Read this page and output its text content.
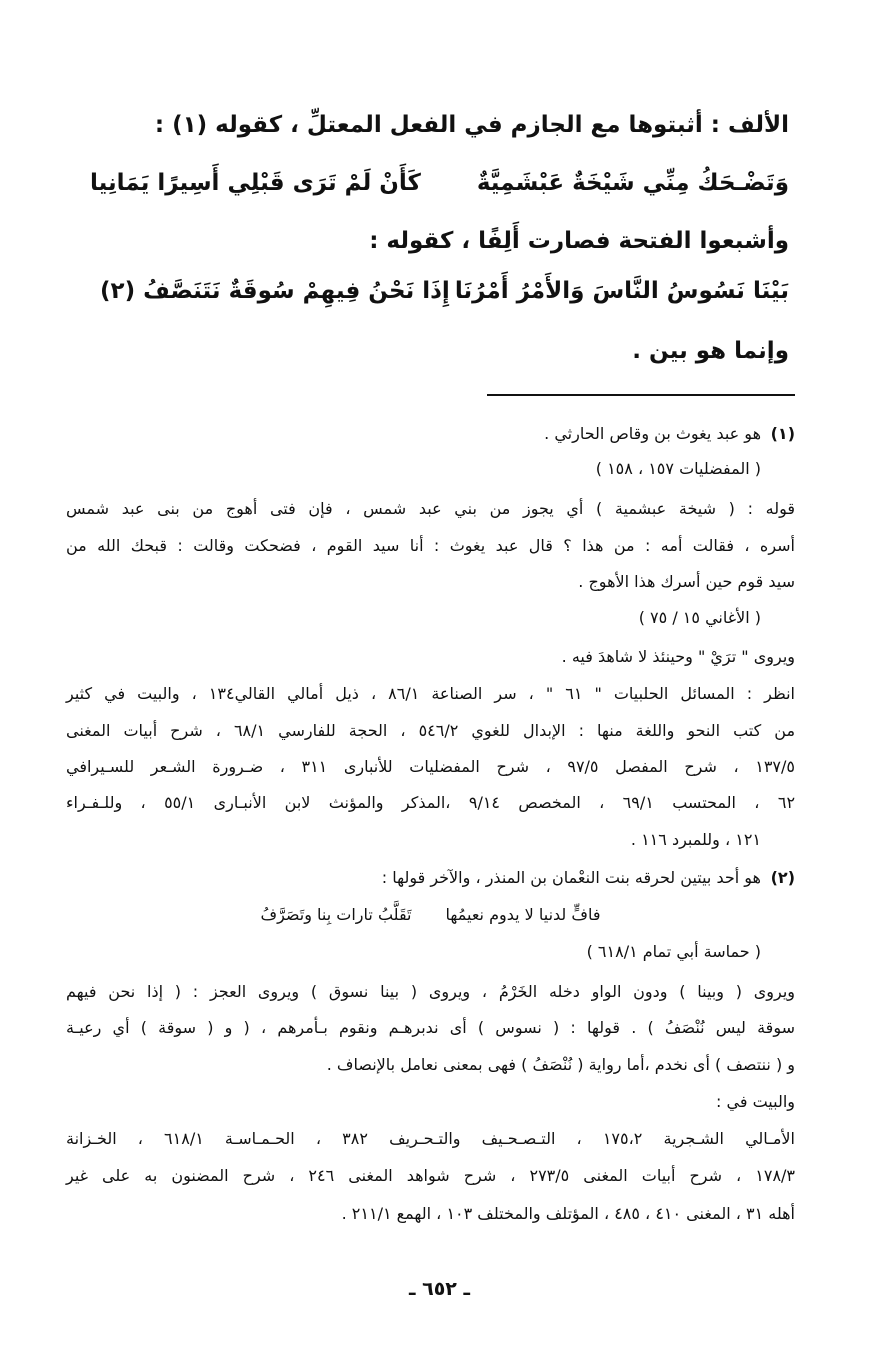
الألف : أثبتوها مع الجازم في الفعل المعتلِّ ، كقوله (١) :
وَتَضْـحَكُ مِنِّي شَيْخَةٌ عَبْشَمِيَّةٌ
كَأَنْ لَمْ تَرَى قَبْلِي أَسِيرًا يَمَانِيا
وأشبعوا الفتحة فصارت أَلِفًا ، كقوله :
بَيْنَا نَسُوسُ النَّاسَ وَالأَمْرُ أَمْرُنَا
إِذَا نَحْنُ فِيهِمْ سُوقَةٌ نَتَنَصَّفُ (٢)
وإنما هو بين .
(١)هو عبد يغوث بن وقاص الحارثي .
( المفضليات ١٥٧ ، ١٥٨ )
قوله : ( شيخة عبشمية ) أي يجوز من بني عبد شمس ، فإن فتى أهوج من بنى عبد شمس
أسره ، فقالت أمه : من هذا ؟ قال عبد يغوث : أنا سيد القوم ، فضحكت وقالت : قبحك الله من
سيد قوم حين أسرك هذا الأهوج .
( الأغاني ١٥ / ٧٥ )
ويروى " ترَيْ " وحينئذ لا شاهدَ فيه .
انظر : المسائل الحلبيات " ٦١ " ، سر الصناعة ٨٦/١ ، ذيل أمالي القالي١٣٤ ، والبيت في كثير
من كتب النحو واللغة منها : الإبدال للغوي ٥٤٦/٢ ، الحجة للفارسي ٦٨/١ ، شرح أبيات المغنى
١٣٧/٥ ، شرح المفصل ٩٧/٥ ، شرح المفضليات للأنبارى ٣١١ ، ضـرورة الشـعر للسـيرافي
٦٢ ، المحتسب ٦٩/١ ، المخصص ٩/١٤ ،المذكر والمؤنث لابن الأنبـارى ٥٥/١ ، وللـفـراء
١٢١ ، وللمبرد ١١٦ .
(٢)هو أحد بيتين لحرقه بنت النعْمان بن المنذر ، والآخر قولها :
فافٍّ لدنيا لا يدوم نعيمُهاتَقَلَّبُ تارات بِنا وتَصَرَّفُ
( حماسة أبي تمام ٦١٨/١ )
ويروى ( وبينا ) ودون الواو دخله الخَرْمُ ، ويروى ( بينا نسوق ) ويروى العجز : ( إذا نحن فيهم
سوقة ليس نُنْصَفُ ) . قولها : ( نسوس ) أى ندبرهـم ونقوم بـأمرهم ، ( و ( سوقة ) أي رعيـة
و ( ننتصف ) أى نخدم ،أما رواية ( نُنْصَفُ ) فهى بمعنى نعامل بالإنصاف .
والبيت في :
الأمـالي الشـجرية ١٧٥،٢ ، التـصـحـيف والتـحـريف ٣٨٢ ، الحـمـاسـة ٦١٨/١ ، الخـزانة
١٧٨/٣ ، شرح أبيات المغنى ٢٧٣/٥ ، شرح شواهد المغنى ٢٤٦ ، شرح المضنون به على غير
أهله ٣١ ، المغنى ٤١٠ ، ٤٨٥ ، المؤتلف والمختلف ١٠٣ ، الهمع ٢١١/١ .
ـ ٦٥٢ ـ
